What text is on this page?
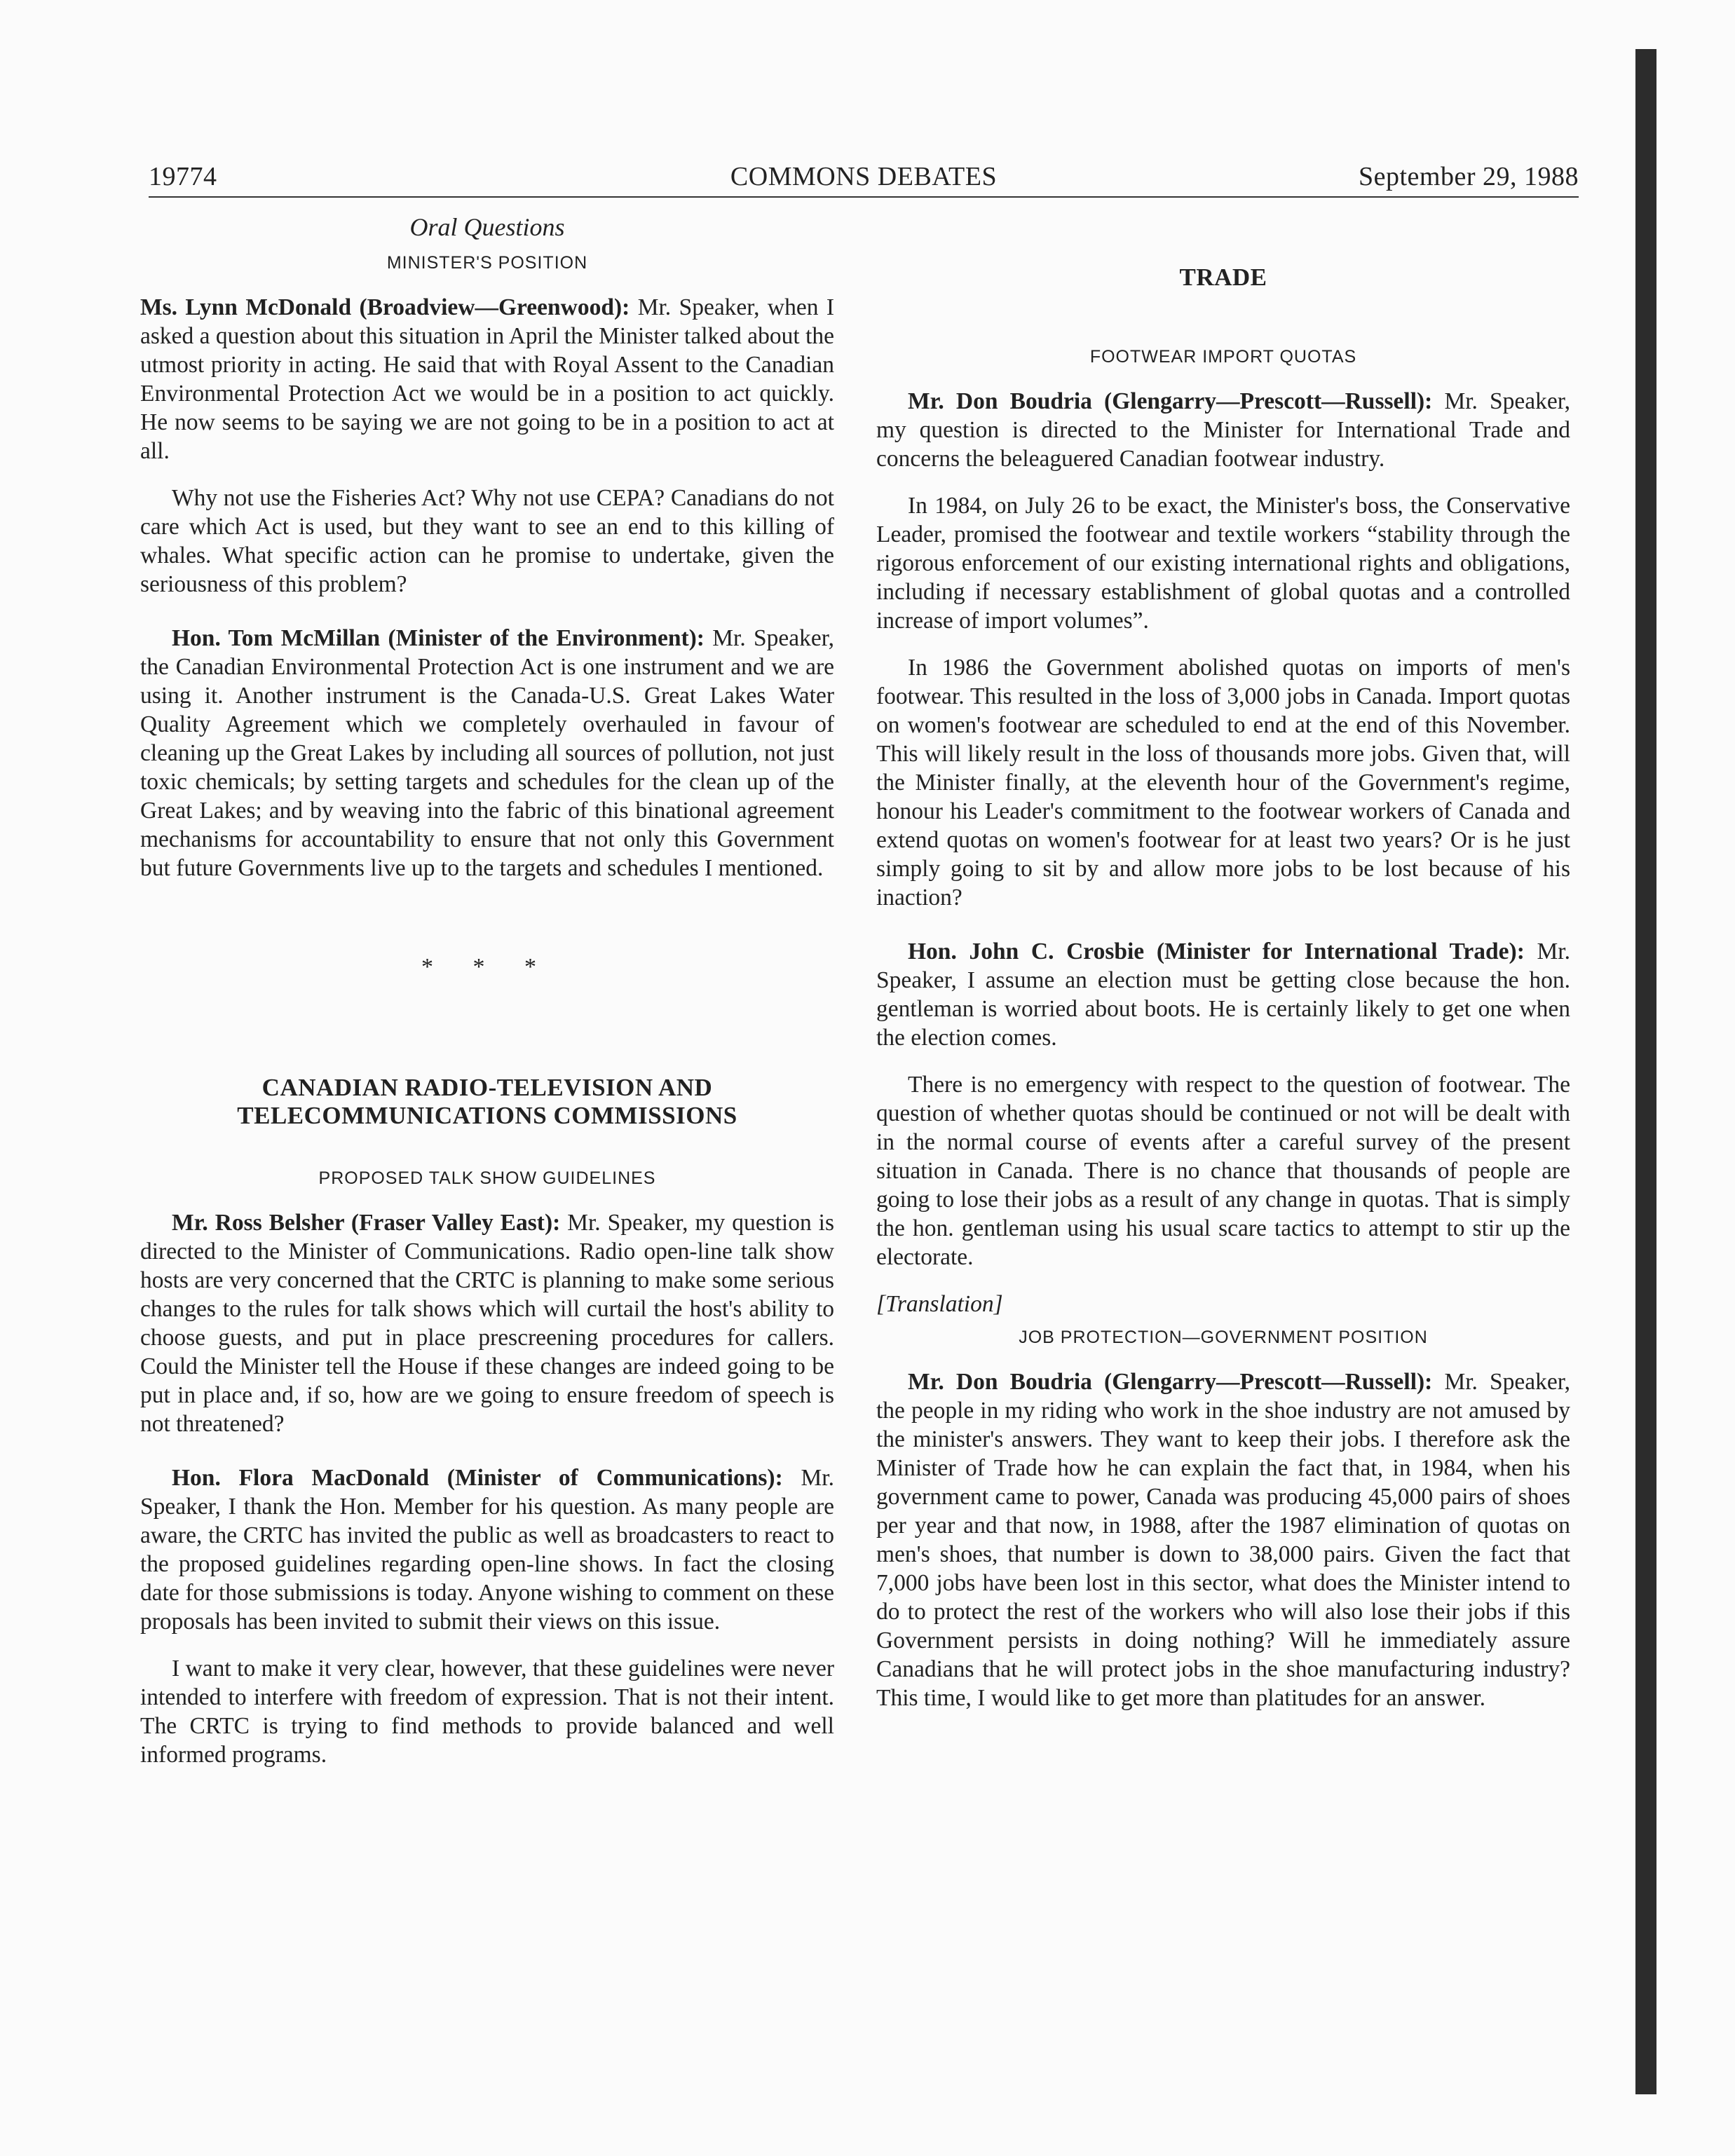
19774	COMMONS DEBATES	September 29, 1988
Oral Questions
MINISTER'S POSITION

Ms. Lynn McDonald (Broadview—Greenwood): Mr. Speaker, when I asked a question about this situation in April the Minister talked about the utmost priority in acting. He said that with Royal Assent to the Canadian Environmental Protection Act we would be in a position to act quickly. He now seems to be saying we are not going to be in a position to act at all.

Why not use the Fisheries Act? Why not use CEPA? Canadians do not care which Act is used, but they want to see an end to this killing of whales. What specific action can he promise to undertake, given the seriousness of this problem?

Hon. Tom McMillan (Minister of the Environment): Mr. Speaker, the Canadian Environmental Protection Act is one instrument and we are using it. Another instrument is the Canada-U.S. Great Lakes Water Quality Agreement which we completely overhauled in favour of cleaning up the Great Lakes by including all sources of pollution, not just toxic chemicals; by setting targets and schedules for the clean up of the Great Lakes; and by weaving into the fabric of this binational agreement mechanisms for accountability to ensure that not only this Government but future Governments live up to the targets and schedules I mentioned.

* * *
CANADIAN RADIO-TELEVISION AND TELECOMMUNICATIONS COMMISSIONS
PROPOSED TALK SHOW GUIDELINES

Mr. Ross Belsher (Fraser Valley East): Mr. Speaker, my question is directed to the Minister of Communications. Radio open-line talk show hosts are very concerned that the CRTC is planning to make some serious changes to the rules for talk shows which will curtail the host's ability to choose guests, and put in place prescreening procedures for callers. Could the Minister tell the House if these changes are indeed going to be put in place and, if so, how are we going to ensure freedom of speech is not threatened?

Hon. Flora MacDonald (Minister of Communications): Mr. Speaker, I thank the Hon. Member for his question. As many people are aware, the CRTC has invited the public as well as broadcasters to react to the proposed guidelines regarding open-line shows. In fact the closing date for those submissions is today. Anyone wishing to comment on these proposals has been invited to submit their views on this issue.

I want to make it very clear, however, that these guidelines were never intended to interfere with freedom of expression. That is not their intent. The CRTC is trying to find methods to provide balanced and well informed programs.

TRADE
FOOTWEAR IMPORT QUOTAS

Mr. Don Boudria (Glengarry—Prescott—Russell): Mr. Speaker, my question is directed to the Minister for International Trade and concerns the beleaguered Canadian footwear industry.

In 1984, on July 26 to be exact, the Minister's boss, the Conservative Leader, promised the footwear and textile workers “stability through the rigorous enforcement of our existing international rights and obligations, including if necessary establishment of global quotas and a controlled increase of import volumes”.

In 1986 the Government abolished quotas on imports of men's footwear. This resulted in the loss of 3,000 jobs in Canada. Import quotas on women's footwear are scheduled to end at the end of this November. This will likely result in the loss of thousands more jobs. Given that, will the Minister finally, at the eleventh hour of the Government's regime, honour his Leader's commitment to the footwear workers of Canada and extend quotas on women's footwear for at least two years? Or is he just simply going to sit by and allow more jobs to be lost because of his inaction?

Hon. John C. Crosbie (Minister for International Trade): Mr. Speaker, I assume an election must be getting close because the hon. gentleman is worried about boots. He is certainly likely to get one when the election comes.

There is no emergency with respect to the question of footwear. The question of whether quotas should be continued or not will be dealt with in the normal course of events after a careful survey of the present situation in Canada. There is no chance that thousands of people are going to lose their jobs as a result of any change in quotas. That is simply the hon. gentleman using his usual scare tactics to attempt to stir up the electorate.

[Translation]

JOB PROTECTION—GOVERNMENT POSITION

Mr. Don Boudria (Glengarry—Prescott—Russell): Mr. Speaker, the people in my riding who work in the shoe industry are not amused by the minister's answers. They want to keep their jobs. I therefore ask the Minister of Trade how he can explain the fact that, in 1984, when his government came to power, Canada was producing 45,000 pairs of shoes per year and that now, in 1988, after the 1987 elimination of quotas on men's shoes, that number is down to 38,000 pairs. Given the fact that 7,000 jobs have been lost in this sector, what does the Minister intend to do to protect the rest of the workers who will also lose their jobs if this Government persists in doing nothing? Will he immediately assure Canadians that he will protect jobs in the shoe manufacturing industry? This time, I would like to get more than platitudes for an answer.
